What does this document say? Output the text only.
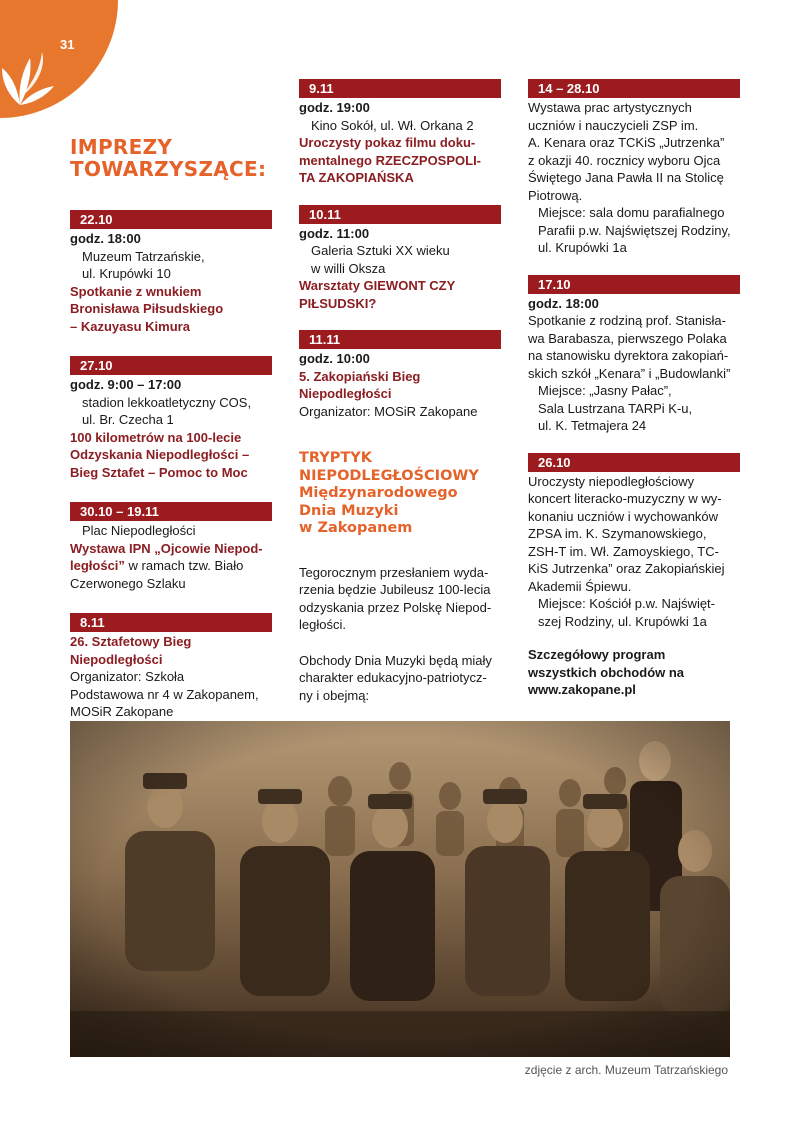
31
IMPREZY
TOWARZYSZĄCE:
22.10
godz. 18:00
Muzeum Tatrzańskie,
ul. Krupówki 10
Spotkanie z wnukiem
Bronisława Piłsudskiego
– Kazuyasu Kimura
27.10
godz. 9:00 – 17:00
stadion lekkoatletyczny COS,
ul. Br. Czecha 1
100 kilometrów na 100-lecie
Odzyskania Niepodległości –
Bieg Sztafet – Pomoc to Moc
30.10 – 19.11
Plac Niepodległości
Wystawa IPN „Ojcowie Niepod-
ległości” w ramach tzw. Biało
Czerwonego Szlaku
8.11
26. Sztafetowy Bieg
Niepodległości
Organizator: Szkoła
Podstawowa nr 4 w Zakopanem,
MOSiR Zakopane
9.11
godz. 19:00
Kino Sokół, ul. Wł. Orkana 2
Uroczysty pokaz filmu doku-
mentalnego RZECZPOSPOLI-
TA ZAKOPIAŃSKA
10.11
godz. 11:00
Galeria Sztuki XX wieku
w willi Oksza
Warsztaty GIEWONT CZY
PIŁSUDSKI?
11.11
godz. 10:00
5. Zakopiański Bieg
Niepodległości
Organizator: MOSiR Zakopane
TRYPTYK
NIEPODLEGŁOŚCIOWY
Międzynarodowego
Dnia Muzyki
w Zakopanem
Tegorocznym przesłaniem wyda-
rzenia będzie Jubileusz 100-lecia
odzyskania przez Polskę Niepod-
ległości.
Obchody Dnia Muzyki będą miały
charakter edukacyjno-patriotycz-
ny i obejmą:
14 – 28.10
Wystawa prac artystycznych
uczniów i nauczycieli ZSP im.
A. Kenara oraz TCKiS „Jutrzenka”
z okazji 40. rocznicy wyboru Ojca
Świętego Jana Pawła II na Stolicę
Piotrową.
Miejsce: sala domu parafialnego
Parafii p.w. Najświętszej Rodziny,
ul. Krupówki 1a
17.10
godz. 18:00
Spotkanie z rodziną prof. Stanisła-
wa Barabasza, pierwszego Polaka
na stanowisku dyrektora zakopiań-
skich szkół „Kenara” i „Budowlanki”
Miejsce: „Jasny Pałac”,
Sala Lustrzana TARPi K-u,
ul. K. Tetmajera 24
26.10
Uroczysty niepodległościowy
koncert literacko-muzyczny w wy-
konaniu uczniów i wychowanków
ZPSA im. K. Szymanowskiego,
ZSH-T im. Wł. Zamoyskiego, TC-
KiS Jutrzenka” oraz Zakopiańskiej
Akademii Śpiewu.
Miejsce: Kościół p.w. Najświęt-
szej Rodziny, ul. Krupówki 1a
Szczegółowy program
wszystkich obchodów na
www.zakopane.pl
zdjęcie z arch. Muzeum Tatrzańskiego
